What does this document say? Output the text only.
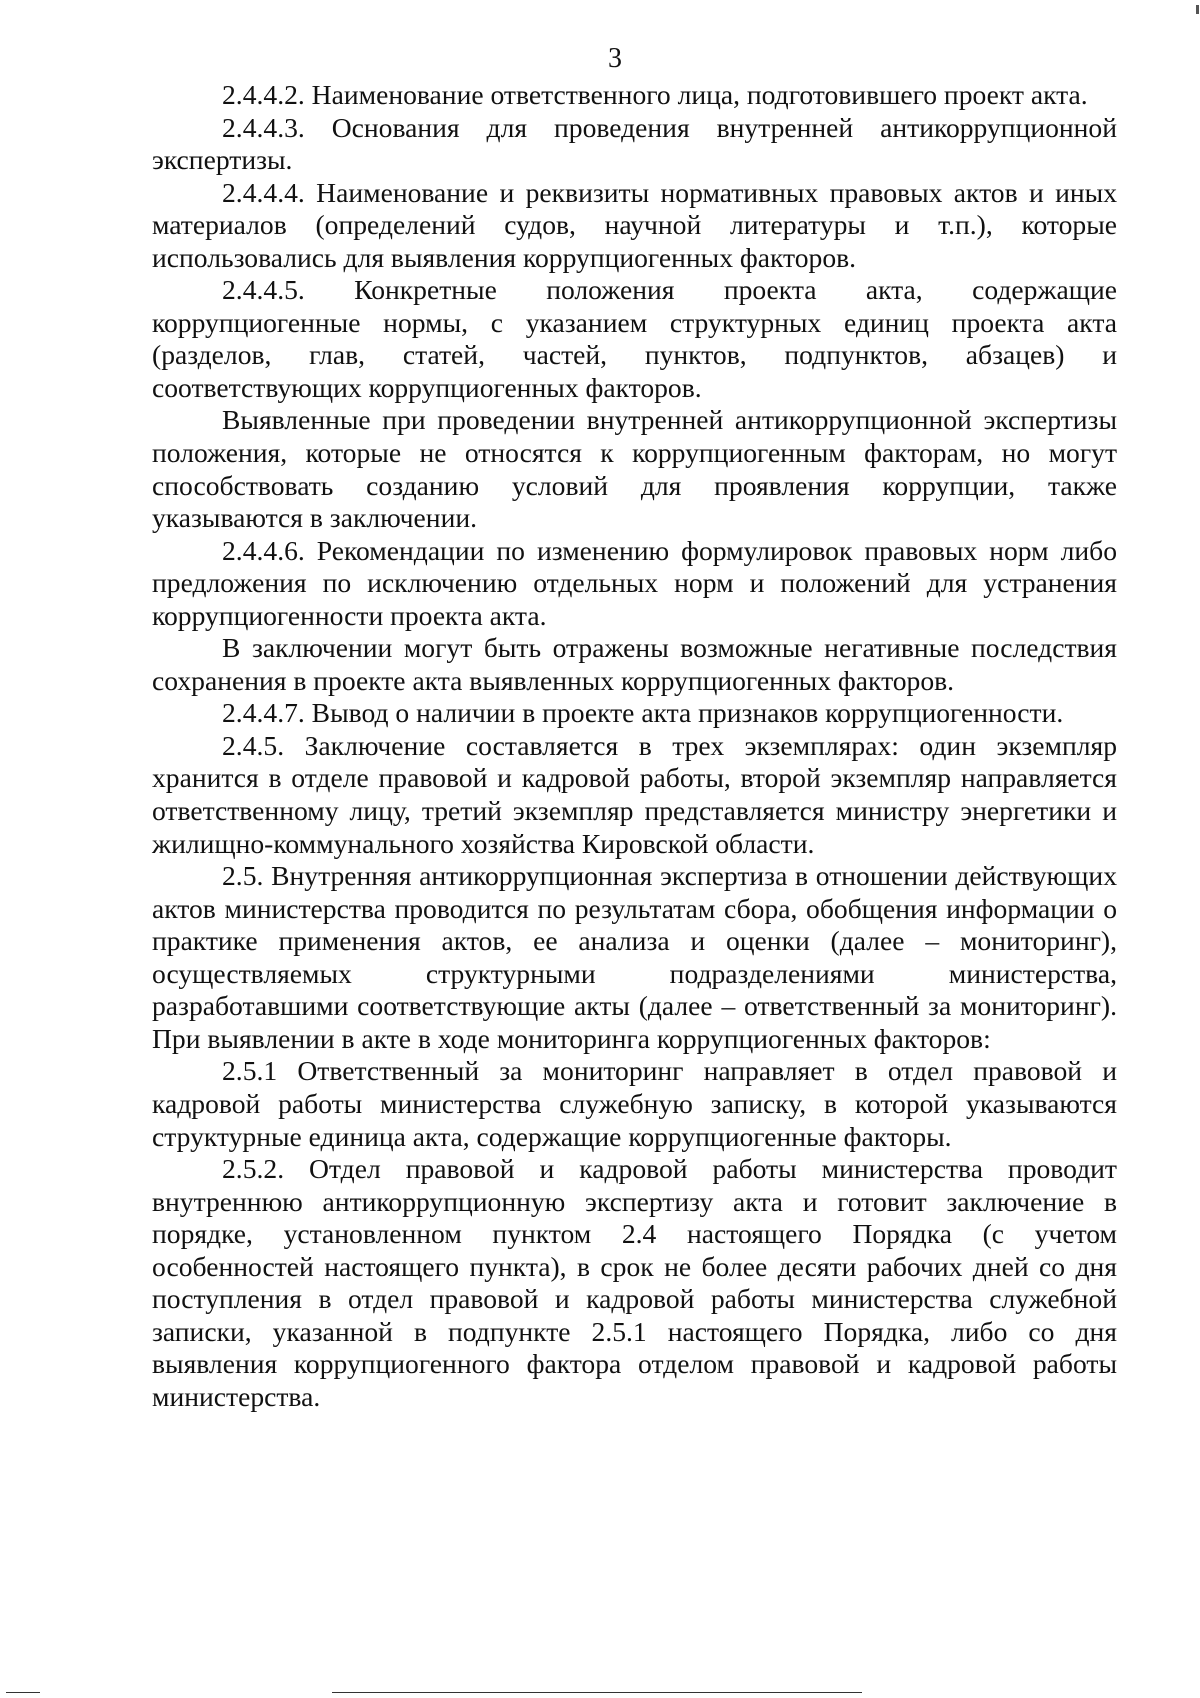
3

2.4.4.2. Наименование ответственного лица, подготовившего проект акта.

2.4.4.3. Основания для проведения внутренней антикоррупционной экспертизы.

2.4.4.4. Наименование и реквизиты нормативных правовых актов и иных материалов (определений судов, научной литературы и т.п.), которые использовались для выявления коррупциогенных факторов.

2.4.4.5. Конкретные положения проекта акта, содержащие коррупциогенные нормы, с указанием структурных единиц проекта акта (разделов, глав, статей, частей, пунктов, подпунктов, абзацев) и соответствующих коррупциогенных факторов.

Выявленные при проведении внутренней антикоррупционной экспертизы положения, которые не относятся к коррупциогенным факторам, но могут способствовать созданию условий для проявления коррупции, также указываются в заключении.

2.4.4.6. Рекомендации по изменению формулировок правовых норм либо предложения по исключению отдельных норм и положений для устранения коррупциогенности проекта акта.

В заключении могут быть отражены возможные негативные последствия сохранения в проекте акта выявленных коррупциогенных факторов.

2.4.4.7. Вывод о наличии в проекте акта признаков коррупциогенности.

2.4.5. Заключение составляется в трех экземплярах: один экземпляр хранится в отделе правовой и кадровой работы, второй экземпляр направляется ответственному лицу, третий экземпляр представляется министру энергетики и жилищно-коммунального хозяйства Кировской области.

2.5. Внутренняя антикоррупционная экспертиза в отношении действующих актов министерства проводится по результатам сбора, обобщения информации о практике применения актов, ее анализа и оценки (далее – мониторинг), осуществляемых структурными подразделениями министерства, разработавшими соответствующие акты (далее – ответственный за мониторинг). При выявлении в акте в ходе мониторинга коррупциогенных факторов:

2.5.1 Ответственный за мониторинг направляет в отдел правовой и кадровой работы министерства служебную записку, в которой указываются структурные единица акта, содержащие коррупциогенные факторы.

2.5.2. Отдел правовой и кадровой работы министерства проводит внутреннюю антикоррупционную экспертизу акта и готовит заключение в порядке, установленном пунктом 2.4 настоящего Порядка (с учетом особенностей настоящего пункта), в срок не более десяти рабочих дней со дня поступления в отдел правовой и кадровой работы министерства служебной записки, указанной в подпункте 2.5.1 настоящего Порядка, либо со дня выявления коррупциогенного фактора отделом правовой и кадровой работы министерства.
